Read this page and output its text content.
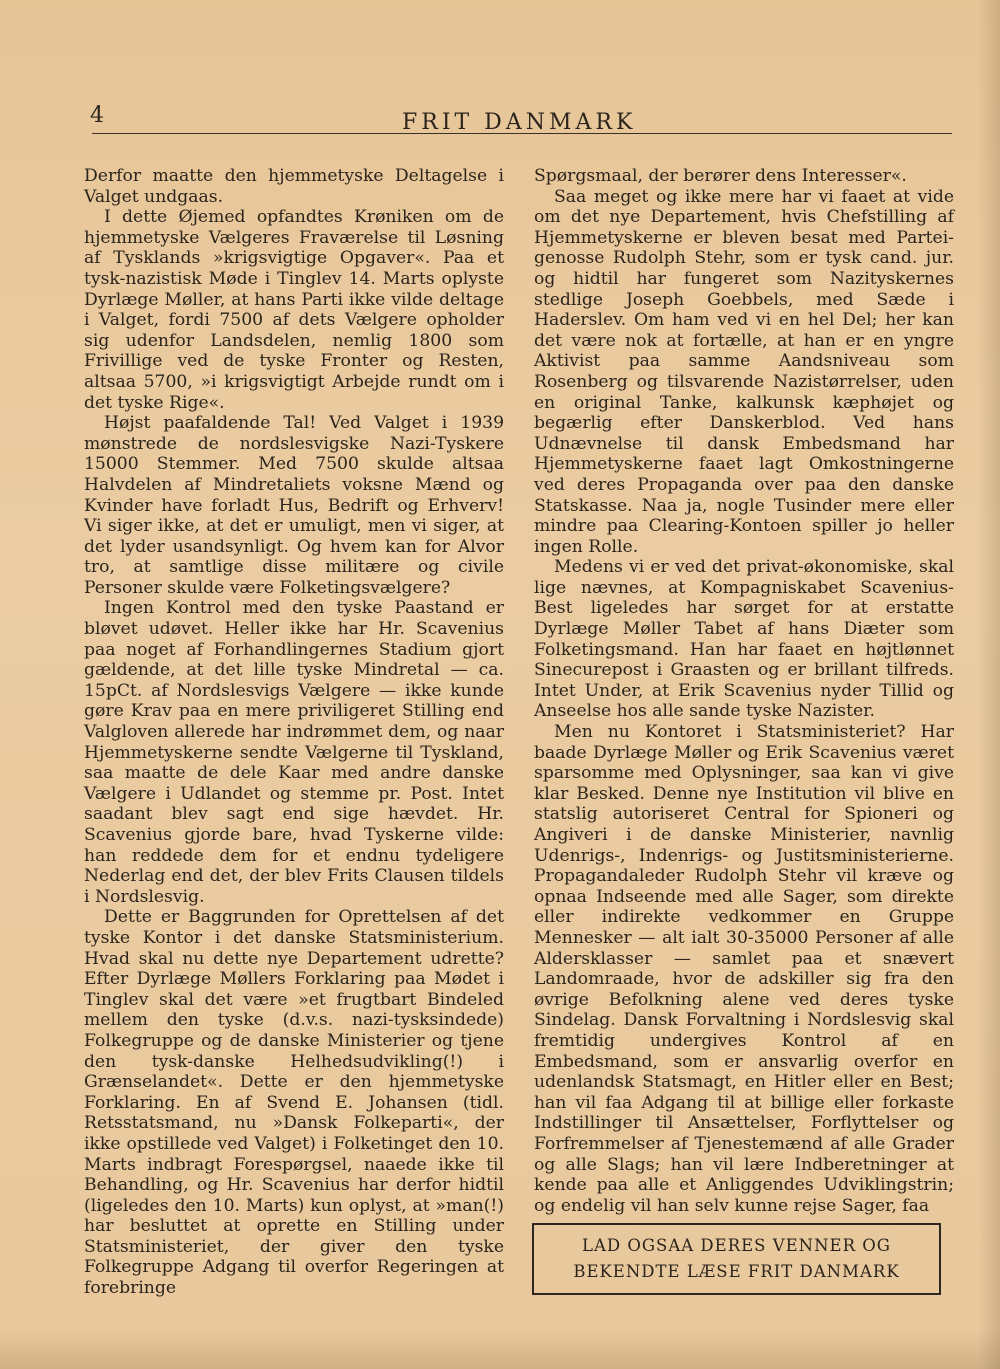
4	FRIT DANMARK

Derfor maatte den hjemmetyske Deltagelse i Valget undgaas.

I dette Øjemed opfandtes Krøniken om de hjemmetyske Vælgeres Fraværelse til Løsning af Tysklands »krigsvigtige Opgaver«. Paa et tysk-nazistisk Møde i Tinglev 14. Marts oplyste Dyrlæge Møller, at hans Parti ikke vilde deltage i Valget, fordi 7500 af dets Vælgere opholder sig udenfor Landsdelen, nemlig 1800 som Frivillige ved de tyske Fronter og Resten, altsaa 5700, »i krigsvigtigt Arbejde rundt om i det tyske Rige«.

Højst paafaldende Tal! Ved Valget i 1939 mønstrede de nordslesvigske Nazi-Tyskere 15000 Stemmer. Med 7500 skulde altsaa Halvdelen af Mindretaliets voksne Mænd og Kvinder have forladt Hus, Bedrift og Erhverv! Vi siger ikke, at det er umuligt, men vi siger, at det lyder usandsynligt. Og hvem kan for Alvor tro, at samtlige disse militære og civile Personer skulde være Folketingsvælgere?

Ingen Kontrol med den tyske Paastand er bløvet udøvet. Heller ikke har Hr. Scavenius paa noget af Forhandlingernes Stadium gjort gældende, at det lille tyske Mindretal — ca. 15pCt. af Nordslesvigs Vælgere — ikke kunde gøre Krav paa en mere priviligeret Stilling end Valgloven allerede har indrømmet dem, og naar Hjemmetyskerne sendte Vælgerne til Tyskland, saa maatte de dele Kaar med andre danske Vælgere i Udlandet og stemme pr. Post. Intet saadant blev sagt end sige hævdet. Hr. Scavenius gjorde bare, hvad Tyskerne vilde: han reddede dem for et endnu tydeligere Nederlag end det, der blev Frits Clausen tildels i Nordslesvig.

Dette er Baggrunden for Oprettelsen af det tyske Kontor i det danske Statsministerium. Hvad skal nu dette nye Departement udrette? Efter Dyrlæge Møllers Forklaring paa Mødet i Tinglev skal det være »et frugtbart Bindeled mellem den tyske (d.v.s. nazi-tysksindede) Folkegruppe og de danske Ministerier og tjene den tysk-danske Helhedsudvikling(!) i Grænselandet«. Dette er den hjemmetyske Forklaring. En af Svend E. Johansen (tidl. Retsstatsmand, nu »Dansk Folkeparti«, der ikke opstillede ved Valget) i Folketinget den 10. Marts indbragt Forespørgsel, naaede ikke til Behandling, og Hr. Scavenius har derfor hidtil (ligeledes den 10. Marts) kun oplyst, at »man(!) har besluttet at oprette en Stilling under Statsministeriet, der giver den tyske Folkegruppe Adgang til overfor Regeringen at forebringe

Spørgsmaal, der berører dens Interesser«.

Saa meget og ikke mere har vi faaet at vide om det nye Departement, hvis Chefstilling af Hjemmetyskerne er bleven besat med Partei-genosse Rudolph Stehr, som er tysk cand. jur. og hidtil har fungeret som Nazityskernes stedlige Joseph Goebbels, med Sæde i Haderslev. Om ham ved vi en hel Del; her kan det være nok at fortælle, at han er en yngre Aktivist paa samme Aandsniveau som Rosenberg og tilsvarende Nazistørrelser, uden en original Tanke, kalkunsk kæphøjet og begærlig efter Danskerblod. Ved hans Udnævnelse til dansk Embedsmand har Hjemmetyskerne faaet lagt Omkostningerne ved deres Propaganda over paa den danske Statskasse. Naa ja, nogle Tusinder mere eller mindre paa Clearing-Kontoen spiller jo heller ingen Rolle.

Medens vi er ved det privat-økonomiske, skal lige nævnes, at Kompagniskabet Scavenius-Best ligeledes har sørget for at erstatte Dyrlæge Møller Tabet af hans Diæter som Folketingsmand. Han har faaet en højtlønnet Sinecurepost i Graasten og er brillant tilfreds. Intet Under, at Erik Scavenius nyder Tillid og Anseelse hos alle sande tyske Nazister.

Men nu Kontoret i Statsministeriet? Har baade Dyrlæge Møller og Erik Scavenius været sparsomme med Oplysninger, saa kan vi give klar Besked. Denne nye Institution vil blive en statslig autoriseret Central for Spioneri og Angiveri i de danske Ministerier, navnlig Udenrigs-, Indenrigs- og Justitsministerierne. Propagandaleder Rudolph Stehr vil kræve og opnaa Indseende med alle Sager, som direkte eller indirekte vedkommer en Gruppe Mennesker — alt ialt 30-35000 Personer af alle Aldersklasser — samlet paa et snævert Landomraade, hvor de adskiller sig fra den øvrige Befolkning alene ved deres tyske Sindelag. Dansk Forvaltning i Nordslesvig skal fremtidig undergives Kontrol af en Embedsmand, som er ansvarlig overfor en udenlandsk Statsmagt, en Hitler eller en Best; han vil faa Adgang til at billige eller forkaste Indstillinger til Ansættelser, Forflyttelser og Forfremmelser af Tjenestemænd af alle Grader og alle Slags; han vil lære Indberetninger at kende paa alle et Anliggendes Udviklingstrin; og endelig vil han selv kunne rejse Sager, faa

LAD OGSAA DERES VENNER OG
BEKENDTE LÆSE FRIT DANMARK
